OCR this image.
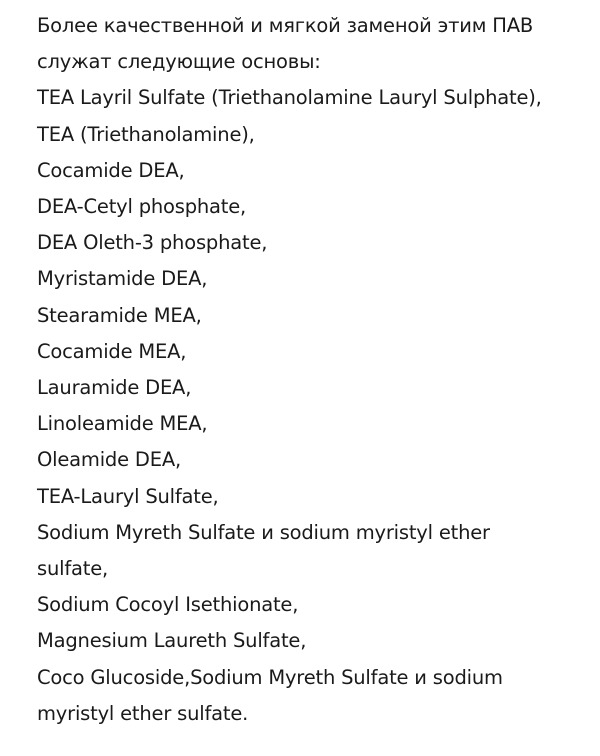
Более качественной и мягкой заменой этим ПАВ
служат следующие основы:
TEA Layril Sulfate (Triethanolamine Lauryl Sulphate),
TEA (Triethanolamine),
Cocamide DEA,
DEA-Cetyl phosphate,
DEA Oleth-3 phosphate,
Myristamide DEA,
Stearamide MEA,
Cocamide MEA,
Lauramide DEA,
Linoleamide MEA,
Oleamide DEA,
TEA-Lauryl Sulfate,
Sodium Myreth Sulfate и sodium myristyl ether
sulfate,
Sodium Cocoyl Isethionate,
Magnesium Laureth Sulfate,
Coco Glucoside,Sodium Myreth Sulfate и sodium
myristyl ether sulfate.
